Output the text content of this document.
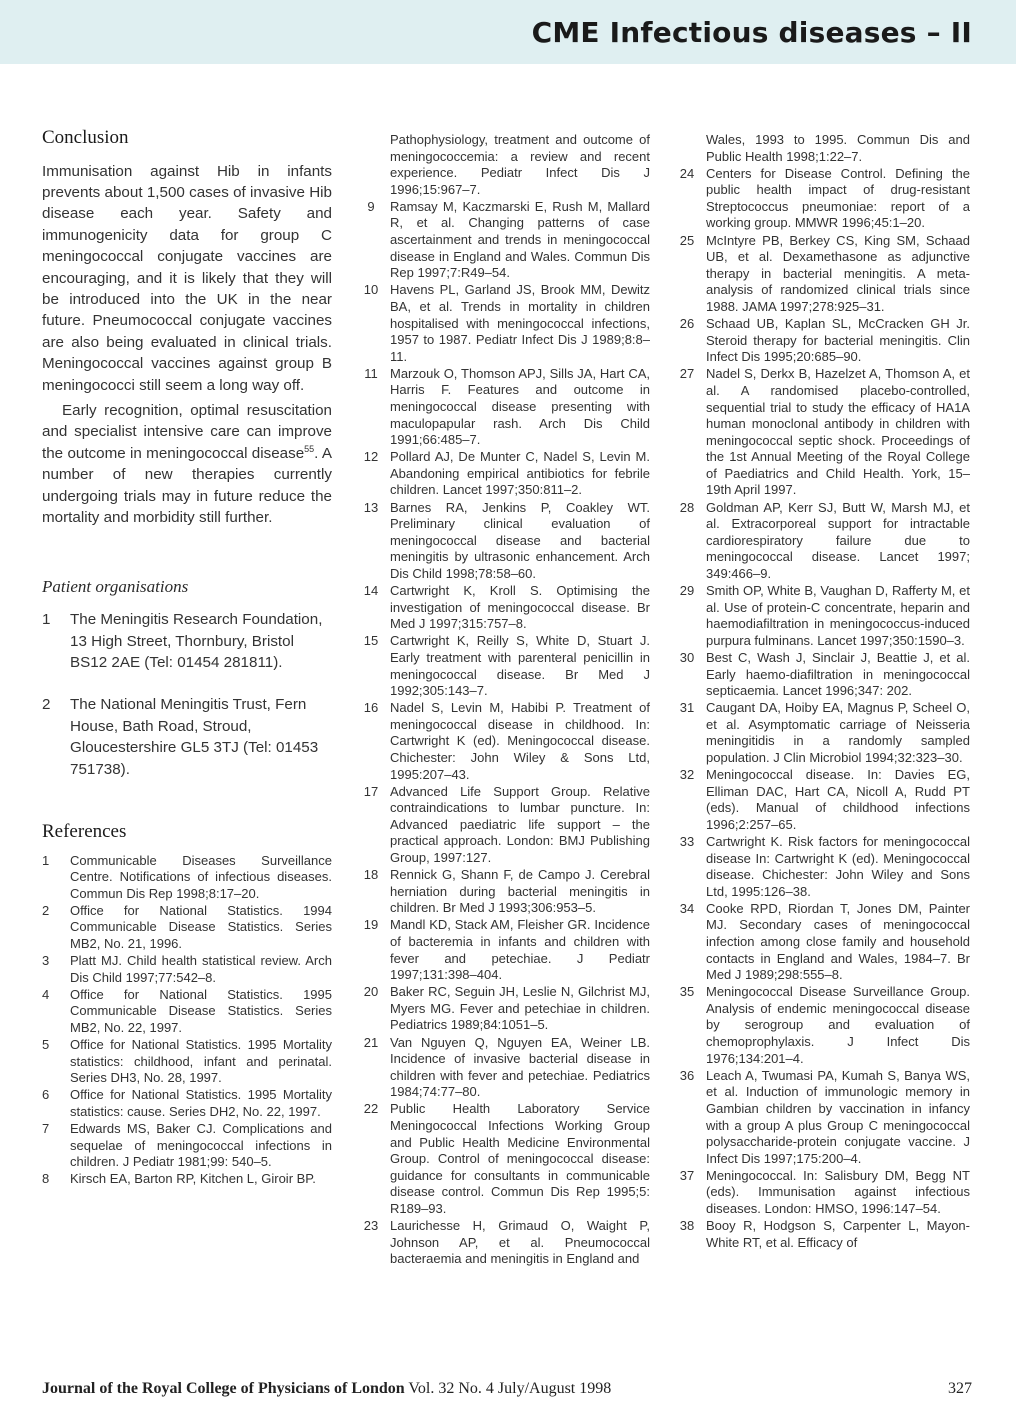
CME Infectious diseases – II
Conclusion

Immunisation against Hib in infants prevents about 1,500 cases of invasive Hib disease each year. Safety and immunogenicity data for group C meningococcal conjugate vaccines are encouraging, and it is likely that they will be introduced into the UK in the near future. Pneumococcal conjugate vaccines are also being evaluated in clinical trials. Meningococcal vaccines against group B meningococci still seem a long way off.

Early recognition, optimal resuscitation and specialist intensive care can improve the outcome in meningococcal disease$^{55}$. A number of new therapies currently undergoing trials may in future reduce the mortality and morbidity still further.

Patient organisations
1	The Meningitis Research Foundation, 13 High Street, Thornbury, Bristol BS12 2AE (Tel: 01454 281811).
2	The National Meningitis Trust, Fern House, Bath Road, Stroud, Gloucestershire GL5 3TJ (Tel: 01453 751738).
References
1	Communicable Diseases Surveillance Centre. Notifications of infectious diseases. Commun Dis Rep 1998;8:17–20.
2	Office for National Statistics. 1994 Communicable Disease Statistics. Series MB2, No. 21, 1996.
3	Platt MJ. Child health statistical review. Arch Dis Child 1997;77:542–8.
4	Office for National Statistics. 1995 Communicable Disease Statistics. Series MB2, No. 22, 1997.
5	Office for National Statistics. 1995 Mortality statistics: childhood, infant and perinatal. Series DH3, No. 28, 1997.
6	Office for National Statistics. 1995 Mortality statistics: cause. Series DH2, No. 22, 1997.
7	Edwards MS, Baker CJ. Complications and sequelae of meningococcal infections in children. J Pediatr 1981;99: 540–5.
8	Kirsch EA, Barton RP, Kitchen L, Giroir BP.
Pathophysiology, treatment and outcome of meningococcemia: a review and recent experience. Pediatr Infect Dis J 1996;15:967–7.
9	Ramsay M, Kaczmarski E, Rush M, Mallard R, et al. Changing patterns of case ascertainment and trends in meningococcal disease in England and Wales. Commun Dis Rep 1997;7:R49–54.
10 Havens PL, Garland JS, Brook MM, Dewitz BA, et al. Trends in mortality in children hospitalised with meningococcal infections, 1957 to 1987. Pediatr Infect Dis J 1989;8:8–11.
11 Marzouk O, Thomson APJ, Sills JA, Hart CA, Harris F. Features and outcome in meningococcal disease presenting with maculopapular rash. Arch Dis Child 1991;66:485–7.
12 Pollard AJ, De Munter C, Nadel S, Levin M. Abandoning empirical antibiotics for febrile children. Lancet 1997;350:811–2.
13 Barnes RA, Jenkins P, Coakley WT. Preliminary clinical evaluation of meningococcal disease and bacterial meningitis by ultrasonic enhancement. Arch Dis Child 1998;78:58–60.
14 Cartwright K, Kroll S. Optimising the investigation of meningococcal disease. Br Med J 1997;315:757–8.
15 Cartwright K, Reilly S, White D, Stuart J. Early treatment with parenteral penicillin in meningococcal disease. Br Med J 1992;305:143–7.
16 Nadel S, Levin M, Habibi P. Treatment of meningococcal disease in childhood. In: Cartwright K (ed). Meningococcal disease. Chichester: John Wiley & Sons Ltd, 1995:207–43.
17 Advanced Life Support Group. Relative contraindications to lumbar puncture. In: Advanced paediatric life support – the practical approach. London: BMJ Publishing Group, 1997:127.
18 Rennick G, Shann F, de Campo J. Cerebral herniation during bacterial meningitis in children. Br Med J 1993;306:953–5.
19 Mandl KD, Stack AM, Fleisher GR. Incidence of bacteremia in infants and children with fever and petechiae. J Pediatr 1997;131:398–404.
20 Baker RC, Seguin JH, Leslie N, Gilchrist MJ, Myers MG. Fever and petechiae in children. Pediatrics 1989;84:1051–5.
21 Van Nguyen Q, Nguyen EA, Weiner LB. Incidence of invasive bacterial disease in children with fever and petechiae. Pediatrics 1984;74:77–80.
22 Public Health Laboratory Service Meningococcal Infections Working Group and Public Health Medicine Environmental Group. Control of meningococcal disease: guidance for consultants in communicable disease control. Commun Dis Rep 1995;5: R189–93.
23 Laurichesse H, Grimaud O, Waight P, Johnson AP, et al. Pneumococcal bacteraemia and meningitis in England and
Wales, 1993 to 1995. Commun Dis and Public Health 1998;1:22–7.
24 Centers for Disease Control. Defining the public health impact of drug-resistant Streptococcus pneumoniae: report of a working group. MMWR 1996;45:1–20.
25 McIntyre PB, Berkey CS, King SM, Schaad UB, et al. Dexamethasone as adjunctive therapy in bacterial meningitis. A meta-analysis of randomized clinical trials since 1988. JAMA 1997;278:925–31.
26 Schaad UB, Kaplan SL, McCracken GH Jr. Steroid therapy for bacterial meningitis. Clin Infect Dis 1995;20:685–90.
27 Nadel S, Derkx B, Hazelzet A, Thomson A, et al. A randomised placebo-controlled, sequential trial to study the efficacy of HA1A human monoclonal antibody in children with meningococcal septic shock. Proceedings of the 1st Annual Meeting of the Royal College of Paediatrics and Child Health. York, 15–19th April 1997.
28 Goldman AP, Kerr SJ, Butt W, Marsh MJ, et al. Extracorporeal support for intractable cardiorespiratory failure due to meningococcal disease. Lancet 1997; 349:466–9.
29 Smith OP, White B, Vaughan D, Rafferty M, et al. Use of protein-C concentrate, heparin and haemodiafiltration in meningococcus-induced purpura fulminans. Lancet 1997;350:1590–3.
30 Best C, Wash J, Sinclair J, Beattie J, et al. Early haemo-diafiltration in meningococcal septicaemia. Lancet 1996;347: 202.
31 Caugant DA, Hoiby EA, Magnus P, Scheel O, et al. Asymptomatic carriage of Neisseria meningitidis in a randomly sampled population. J Clin Microbiol 1994;32:323–30.
32 Meningococcal disease. In: Davies EG, Elliman DAC, Hart CA, Nicoll A, Rudd PT (eds). Manual of childhood infections 1996;2:257–65.
33 Cartwright K. Risk factors for meningococcal disease In: Cartwright K (ed). Meningococcal disease. Chichester: John Wiley and Sons Ltd, 1995:126–38.
34 Cooke RPD, Riordan T, Jones DM, Painter MJ. Secondary cases of meningococcal infection among close family and household contacts in England and Wales, 1984–7. Br Med J 1989;298:555–8.
35 Meningococcal Disease Surveillance Group. Analysis of endemic meningococcal disease by serogroup and evaluation of chemoprophylaxis. J Infect Dis 1976;134:201–4.
36 Leach A, Twumasi PA, Kumah S, Banya WS, et al. Induction of immunologic memory in Gambian children by vaccination in infancy with a group A plus Group C meningococcal polysaccharide-protein conjugate vaccine. J Infect Dis 1997;175:200–4.
37 Meningococcal. In: Salisbury DM, Begg NT (eds). Immunisation against infectious diseases. London: HMSO, 1996:147–54.
38 Booy R, Hodgson S, Carpenter L, Mayon-White RT, et al. Efficacy of
Journal of the Royal College of Physicians of London Vol. 32 No. 4 July/August 1998	327
